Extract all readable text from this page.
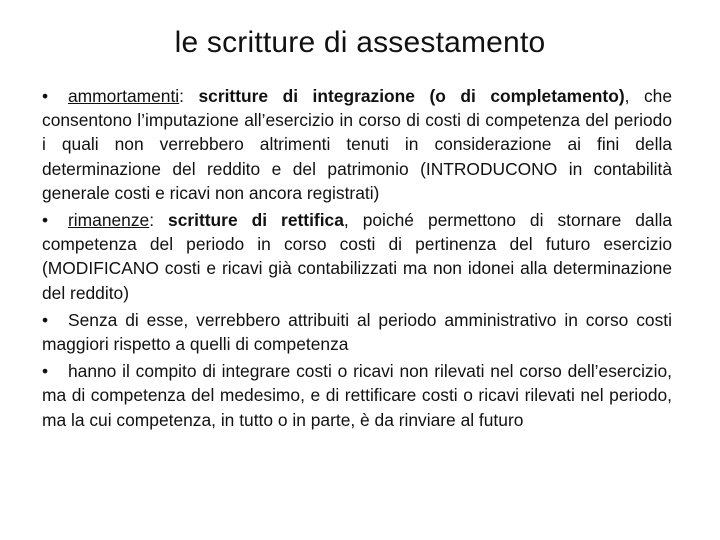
le scritture di assestamento

• ammortamenti: scritture di integrazione (o di completamento), che consentono l’imputazione all’esercizio in corso di costi di competenza del periodo i quali non verrebbero altrimenti tenuti in considerazione ai fini della determinazione del reddito e del patrimonio (INTRODUCONO in contabilità generale costi e ricavi non ancora registrati)

• rimanenze: scritture di rettifica, poiché permettono di stornare dalla competenza del periodo in corso costi di pertinenza del futuro esercizio (MODIFICANO costi e ricavi già contabilizzati ma non idonei alla determinazione del reddito)

• Senza di esse, verrebbero attribuiti al periodo amministrativo in corso costi maggiori rispetto a quelli di competenza

• hanno il compito di integrare costi o ricavi non rilevati nel corso dell’esercizio, ma di competenza del medesimo, e di rettificare costi o ricavi rilevati nel periodo, ma la cui competenza, in tutto o in parte, è da rinviare al futuro
